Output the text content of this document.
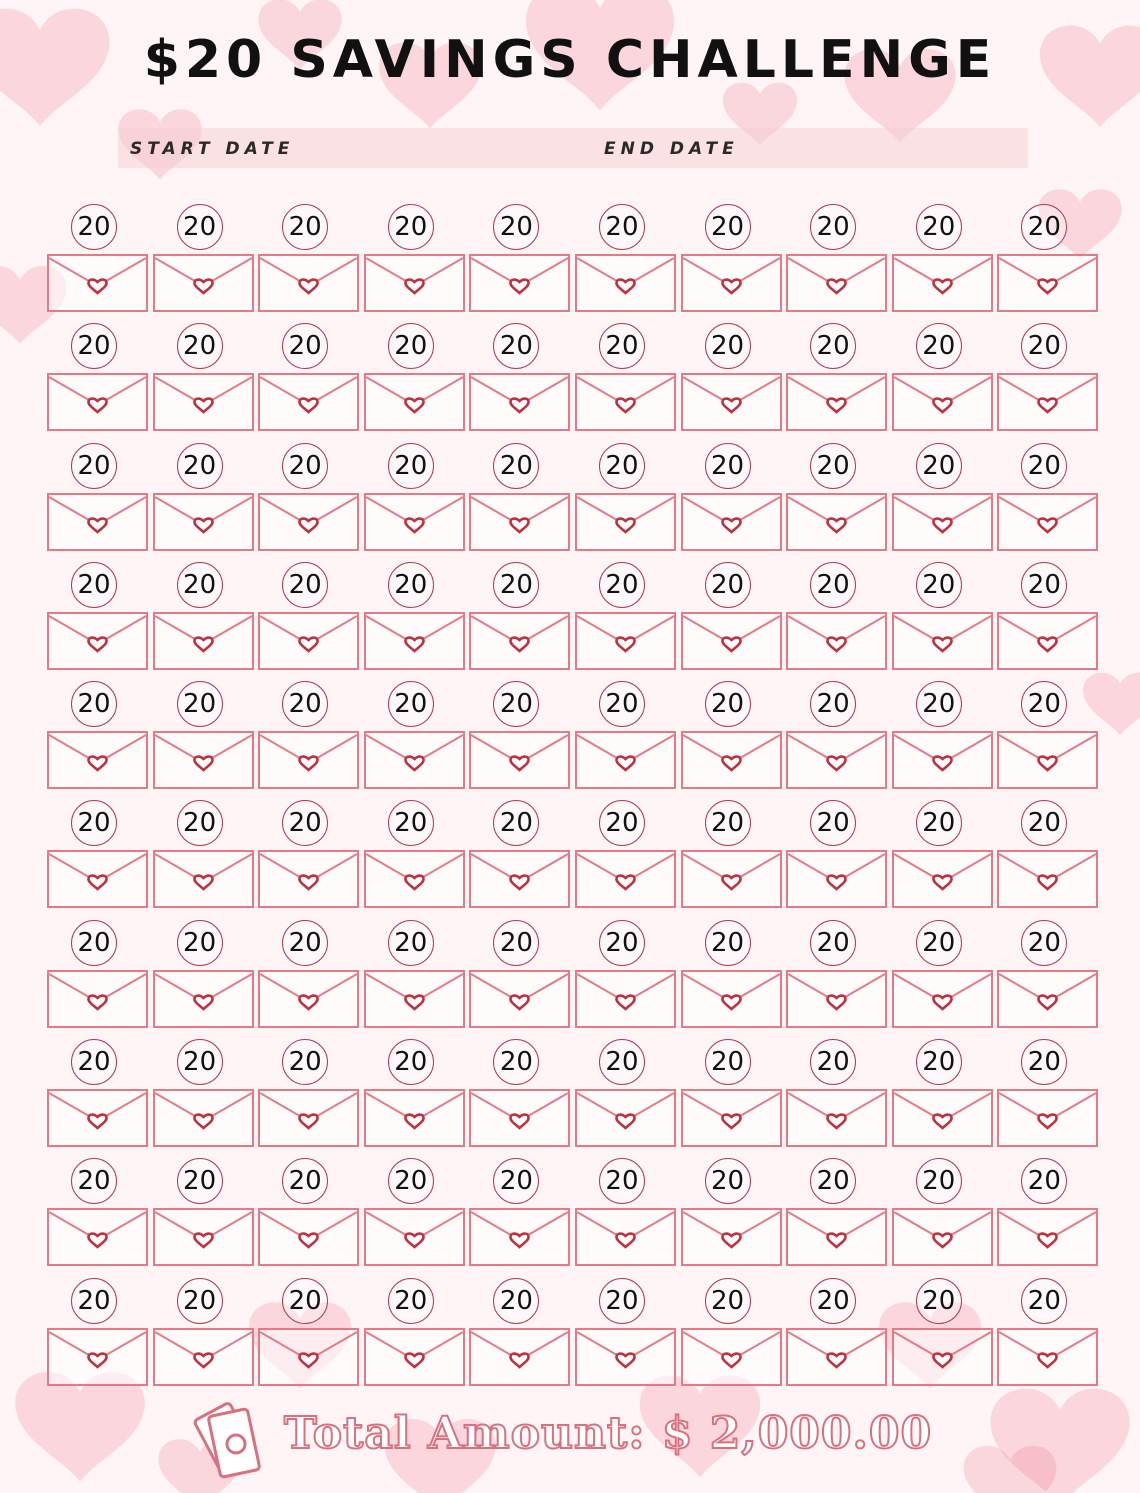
$20 SAVINGS CHALLENGE
START DATE	END DATE
20	20	20	20	20	20	20	20	20	20
20	20	20	20	20	20	20	20	20	20
20	20	20	20	20	20	20	20	20	20
20	20	20	20	20	20	20	20	20	20
20	20	20	20	20	20	20	20	20	20
20	20	20	20	20	20	20	20	20	20
20	20	20	20	20	20	20	20	20	20
20	20	20	20	20	20	20	20	20	20
20	20	20	20	20	20	20	20	20	20
20	20	20	20	20	20	20	20	20	20
Total Amount: $ 2,000.00
